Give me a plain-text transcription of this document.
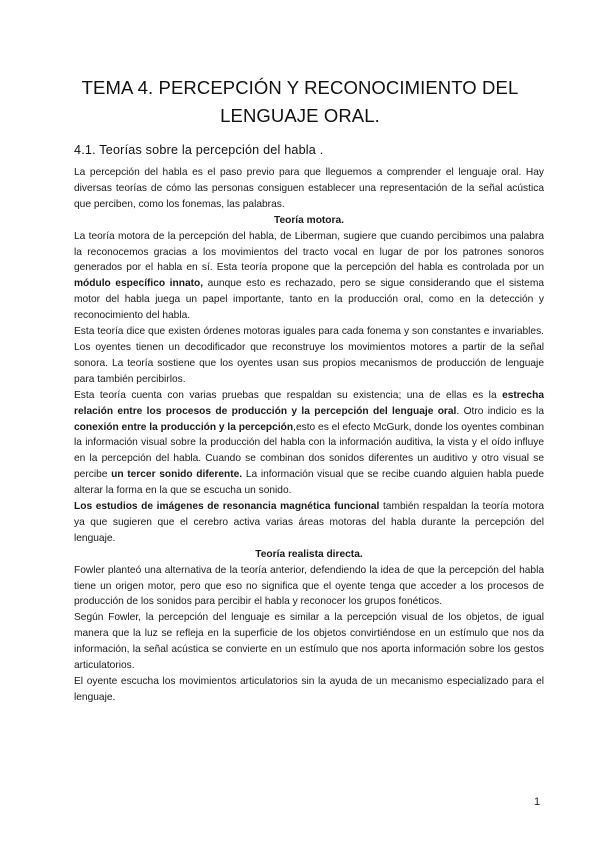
TEMA 4. PERCEPCIÓN Y RECONOCIMIENTO DEL LENGUAJE ORAL.
4.1. Teorías sobre la percepción del habla .

La percepción del habla es el paso previo para que lleguemos a comprender el lenguaje oral. Hay diversas teorías de cómo las personas consiguen establecer una representación de la señal acústica que perciben, como los fonemas, las palabras.

Teoría motora.

La teoría motora de la percepción del habla, de Liberman, sugiere que cuando percibimos una palabra la reconocemos gracias a los movimientos del tracto vocal en lugar de por los patrones sonoros generados por el habla en sí. Esta teoría propone que la percepción del habla es controlada por un módulo específico innato, aunque esto es rechazado, pero se sigue considerando que el sistema motor del habla juega un papel importante, tanto en la producción oral, como en la detección y reconocimiento del habla.

Esta teoría dice que existen órdenes motoras iguales para cada fonema y son constantes e invariables. Los oyentes tienen un decodificador que reconstruye los movimientos motores a partir de la señal sonora. La teoría sostiene que los oyentes usan sus propios mecanismos de producción de lenguaje para también percibirlos.

Esta teoría cuenta con varias pruebas que respaldan su existencia; una de ellas es la estrecha relación entre los procesos de producción y la percepción del lenguaje oral. Otro indicio es la conexión entre la producción y la percepción,esto es el efecto McGurk, donde los oyentes combinan la información visual sobre la producción del habla con la información auditiva, la vista y el oído influye en la percepción del habla. Cuando se combinan dos sonidos diferentes un auditivo y otro visual se percibe un tercer sonido diferente. La información visual que se recibe cuando alguien habla puede alterar la forma en la que se escucha un sonido.

Los estudios de imágenes de resonancia magnética funcional también respaldan la teoría motora ya que sugieren que el cerebro activa varias áreas motoras del habla durante la percepción del lenguaje.

Teoría realista directa.

Fowler planteó una alternativa de la teoría anterior, defendiendo la idea de que la percepción del habla tiene un origen motor, pero que eso no significa que el oyente tenga que acceder a los procesos de producción de los sonidos para percibir el habla y reconocer los grupos fonéticos.

Según Fowler, la percepción del lenguaje es similar a la percepción visual de los objetos, de igual manera que la luz se refleja en la superficie de los objetos convirtiéndose en un estímulo que nos da información, la señal acústica se convierte en un estímulo que nos aporta información sobre los gestos articulatorios.

El oyente escucha los movimientos articulatorios sin la ayuda de un mecanismo especializado para el lenguaje.

1
